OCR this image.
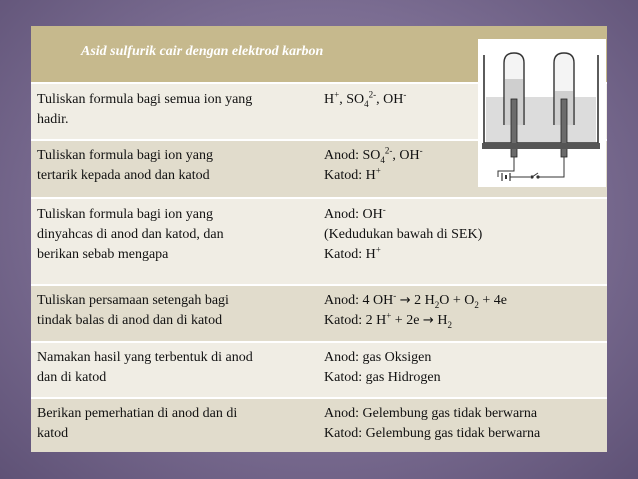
Asid sulfurik cair dengan elektrod karbon
Tuliskan formula bagi semua ion yang
hadir.
H+, $SO_4^{2-}$, OH-
Tuliskan formula bagi ion yang
tertarik kepada anod dan katod
Anod: $SO_4^{2-}$, OH-
Katod: H+
Tuliskan formula bagi ion yang
dinyahcas di anod dan katod, dan
berikan sebab mengapa
Anod: OH-
(Kedudukan bawah di SEK)
Katod: H+
Tuliskan persamaan setengah bagi
tindak balas di anod dan di katod
Anod: 4 OH- → 2 $H_2O + O_2 + 4e$
Katod: 2 $H^+ + 2e \to H_2$
Namakan hasil yang terbentuk di anod
dan di katod
Anod: gas Oksigen
Katod: gas Hidrogen
Berikan pemerhatian di anod dan di
katod
Anod: Gelembung gas tidak berwarna
Katod: Gelembung gas tidak berwarna
